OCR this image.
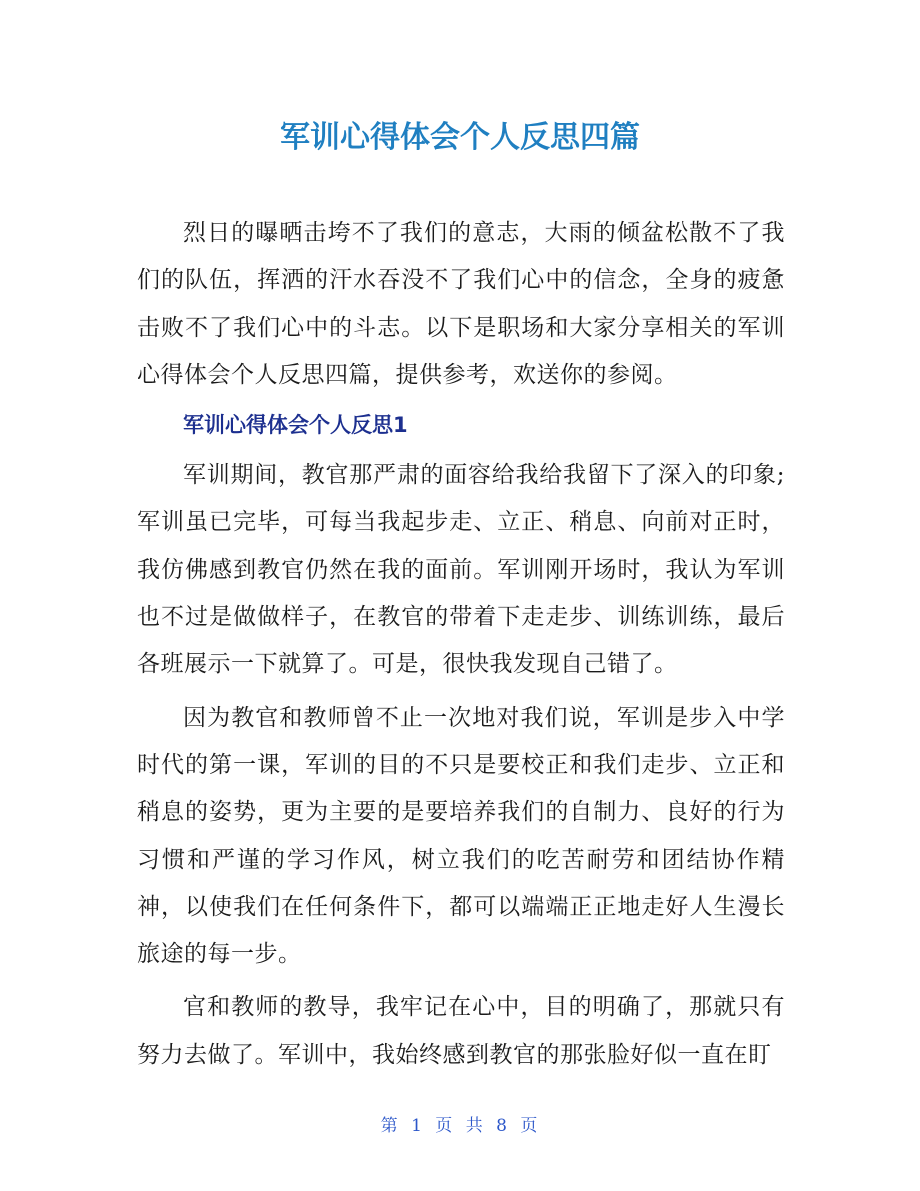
军训心得体会个人反思四篇

烈日的曝晒击垮不了我们的意志，大雨的倾盆松散不了我们的队伍，挥洒的汗水吞没不了我们心中的信念，全身的疲惫击败不了我们心中的斗志。以下是职场和大家分享相关的军训心得体会个人反思四篇，提供参考，欢送你的参阅。

军训心得体会个人反思1

军训期间，教官那严肃的面容给我给我留下了深入的印象;军训虽已完毕，可每当我起步走、立正、稍息、向前对正时，我仿佛感到教官仍然在我的面前。军训刚开场时，我认为军训也不过是做做样子，在教官的带着下走走步、训练训练，最后各班展示一下就算了。可是，很快我发现自己错了。

因为教官和教师曾不止一次地对我们说，军训是步入中学时代的第一课，军训的目的不只是要校正和我们走步、立正和稍息的姿势，更为主要的是要培养我们的自制力、良好的行为习惯和严谨的学习作风，树立我们的吃苦耐劳和团结协作精神，以使我们在任何条件下，都可以端端正正地走好人生漫长旅途的每一步。

官和教师的教导，我牢记在心中，目的明确了，那就只有努力去做了。军训中，我始终感到教官的那张脸好似一直在盯

第 1 页 共 8 页
